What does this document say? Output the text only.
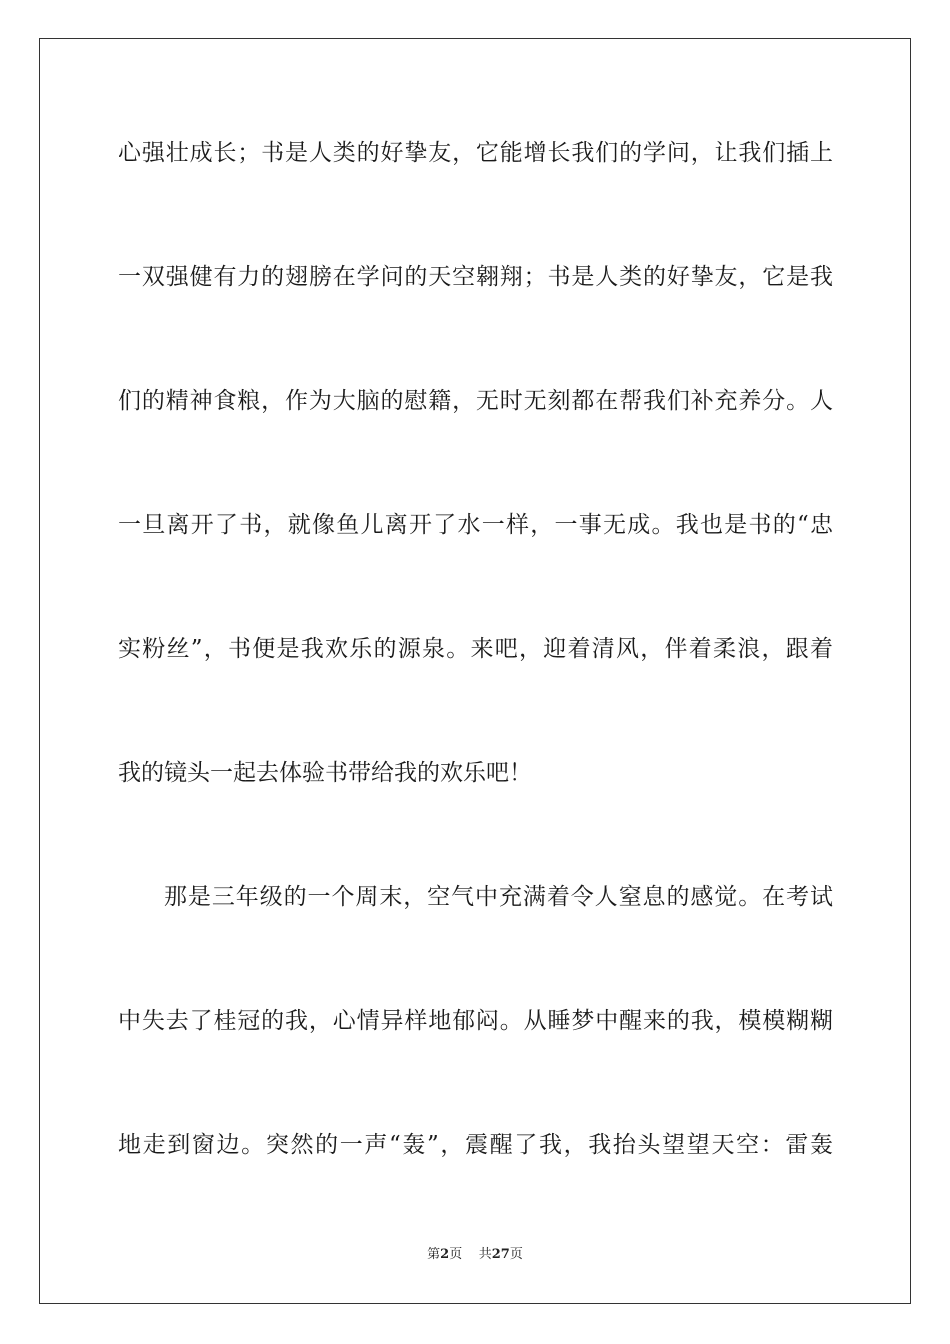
心强壮成长；书是人类的好挚友，它能增长我们的学问，让我们插上
一双强健有力的翅膀在学问的天空翱翔；书是人类的好挚友，它是我
们的精神食粮，作为大脑的慰籍，无时无刻都在帮我们补充养分。人
一旦离开了书，就像鱼儿离开了水一样，一事无成。我也是书的“忠
实粉丝”，书便是我欢乐的源泉。来吧，迎着清风，伴着柔浪，跟着
我的镜头一起去体验书带给我的欢乐吧！
那是三年级的一个周末，空气中充满着令人窒息的感觉。在考试
中失去了桂冠的我，心情异样地郁闷。从睡梦中醒来的我，模模糊糊
地走到窗边。突然的一声“轰”，震醒了我，我抬头望望天空：雷轰
第2页 共27页
